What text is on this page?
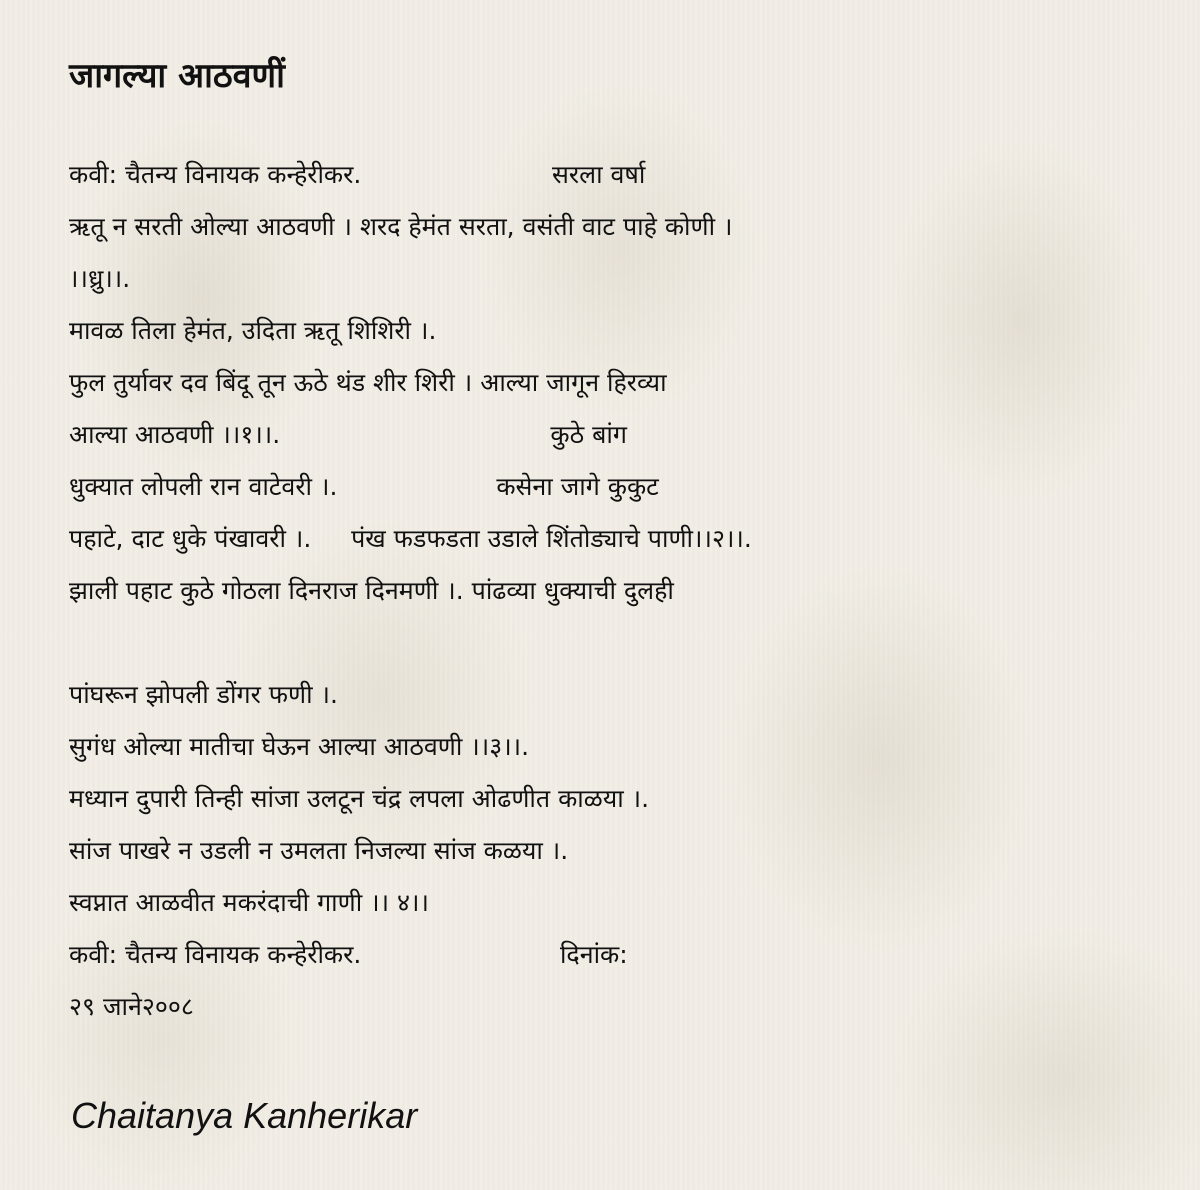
जागल्या आठवणीं
कवी: चैतन्य विनायक कन्हेरीकर.                        सरला वर्षा
ऋतू न सरती ओल्या आठवणी । शरद हेमंत सरता, वसंती वाट पाहे कोणी ।
।।ध्रु।।.
मावळ तिला हेमंत, उदिता ऋतू शिशिरी ।.
फुल तुर्यावर दव बिंदू तून ऊठे थंड शीर शिरी । आल्या जागून हिरव्या
आल्या आठवणी ।।१।।.                                  कुठे बांग
धुक्यात लोपली रान वाटेवरी ।.                    कसेना जागे कुकुट
पहाटे, दाट धुके पंखावरी ।.     पंख फडफडता उडाले शिंतोड्याचे पाणी।।२।।.
झाली पहाट कुठे गोठला दिनराज दिनमणी ।. पांढव्या धुक्याची दुलही
पांघरून झोपली डोंगर फणी ।.
सुगंध ओल्या मातीचा घेऊन आल्या आठवणी ।।३।।.
मध्यान दुपारी तिन्ही सांजा उलटून चंद्र लपला ओढणीत काळया ।.
सांज पाखरे न उडली न उमलता निजल्या सांज कळया ।.
स्वप्नात आळवीत मकरंदाची गाणी ।। ४।।
कवी: चैतन्य विनायक कन्हेरीकर.                         दिनांक:
२९ जाने२००८
Chaitanya Kanherikar
